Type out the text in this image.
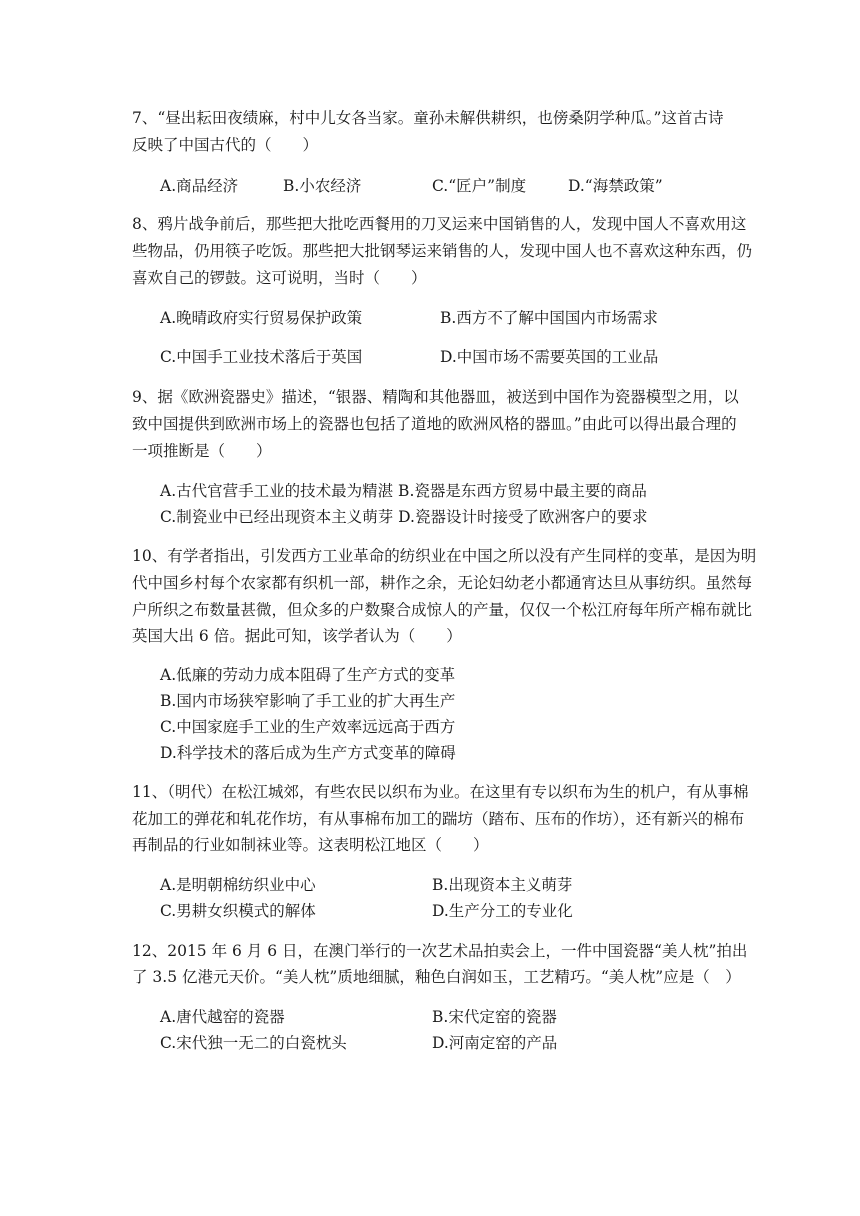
7、“昼出耘田夜绩麻，村中儿女各当家。童孙未解供耕织，也傍桑阴学种瓜。”这首古诗
反映了中国古代的（　　）
A.商品经济	B.小农经济	C.“匠户”制度	D.“海禁政策”
8、鸦片战争前后，那些把大批吃西餐用的刀叉运来中国销售的人，发现中国人不喜欢用这
些物品，仍用筷子吃饭。那些把大批钢琴运来销售的人，发现中国人也不喜欢这种东西，仍
喜欢自己的锣鼓。这可说明，当时（　　）
A.晚晴政府实行贸易保护政策	B.西方不了解中国国内市场需求
C.中国手工业技术落后于英国	D.中国市场不需要英国的工业品
9、据《欧洲瓷器史》描述，“银器、精陶和其他器皿，被送到中国作为瓷器模型之用，以
致中国提供到欧洲市场上的瓷器也包括了道地的欧洲风格的器皿。”由此可以得出最合理的
一项推断是（　　）
A.古代官营手工业的技术最为精湛 B.瓷器是东西方贸易中最主要的商品
C.制瓷业中已经出现资本主义萌芽 D.瓷器设计时接受了欧洲客户的要求
10、有学者指出，引发西方工业革命的纺织业在中国之所以没有产生同样的变革，是因为明
代中国乡村每个农家都有织机一部，耕作之余，无论妇幼老小都通宵达旦从事纺织。虽然每
户所织之布数量甚微，但众多的户数聚合成惊人的产量，仅仅一个松江府每年所产棉布就比
英国大出 6 倍。据此可知，该学者认为（　　）
A.低廉的劳动力成本阻碍了生产方式的变革
B.国内市场狭窄影响了手工业的扩大再生产
C.中国家庭手工业的生产效率远远高于西方
D.科学技术的落后成为生产方式变革的障碍
11、（明代）在松江城郊，有些农民以织布为业。在这里有专以织布为生的机户，有从事棉
花加工的弹花和轧花作坊，有从事棉布加工的踹坊（踏布、压布的作坊），还有新兴的棉布
再制品的行业如制袜业等。这表明松江地区（　　）
A.是明朝棉纺织业中心	B.出现资本主义萌芽
C.男耕女织模式的解体	D.生产分工的专业化
12、2015 年 6 月 6 日，在澳门举行的一次艺术品拍卖会上，一件中国瓷器“美人枕”拍出
了 3.5 亿港元天价。“美人枕”质地细腻，釉色白润如玉，工艺精巧。“美人枕”应是（　）
A.唐代越窑的瓷器	B.宋代定窑的瓷器
C.宋代独一无二的白瓷枕头	D.河南定窑的产品
